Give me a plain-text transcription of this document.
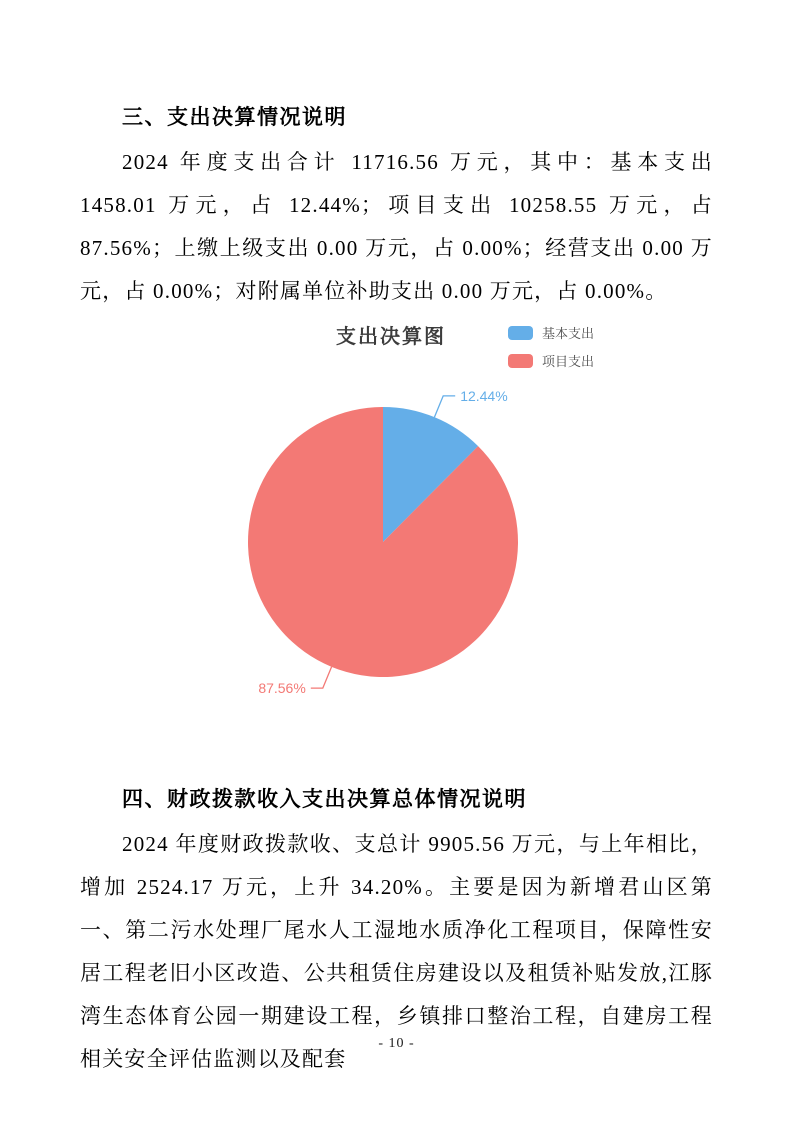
三、支出决算情况说明

2024 年度支出合计 11716.56 万元，其中：基本支出 1458.01 万元，占 12.44%；项目支出 10258.55 万元，占 87.56%；上缴上级支出 0.00 万元，占 0.00%；经营支出 0.00 万元，占 0.00%；对附属单位补助支出 0.00 万元，占 0.00%。

支出决算图	基本支出
项目支出
12.44%
87.56%
四、财政拨款收入支出决算总体情况说明

2024 年度财政拨款收、支总计 9905.56 万元，与上年相比，增加 2524.17 万元，上升 34.20%。主要是因为新增君山区第一、第二污水处理厂尾水人工湿地水质净化工程项目，保障性安居工程老旧小区改造、公共租赁住房建设以及租赁补贴发放,江豚湾生态体育公园一期建设工程，乡镇排口整治工程，自建房工程相关安全评估监测以及配套

- 10 -
